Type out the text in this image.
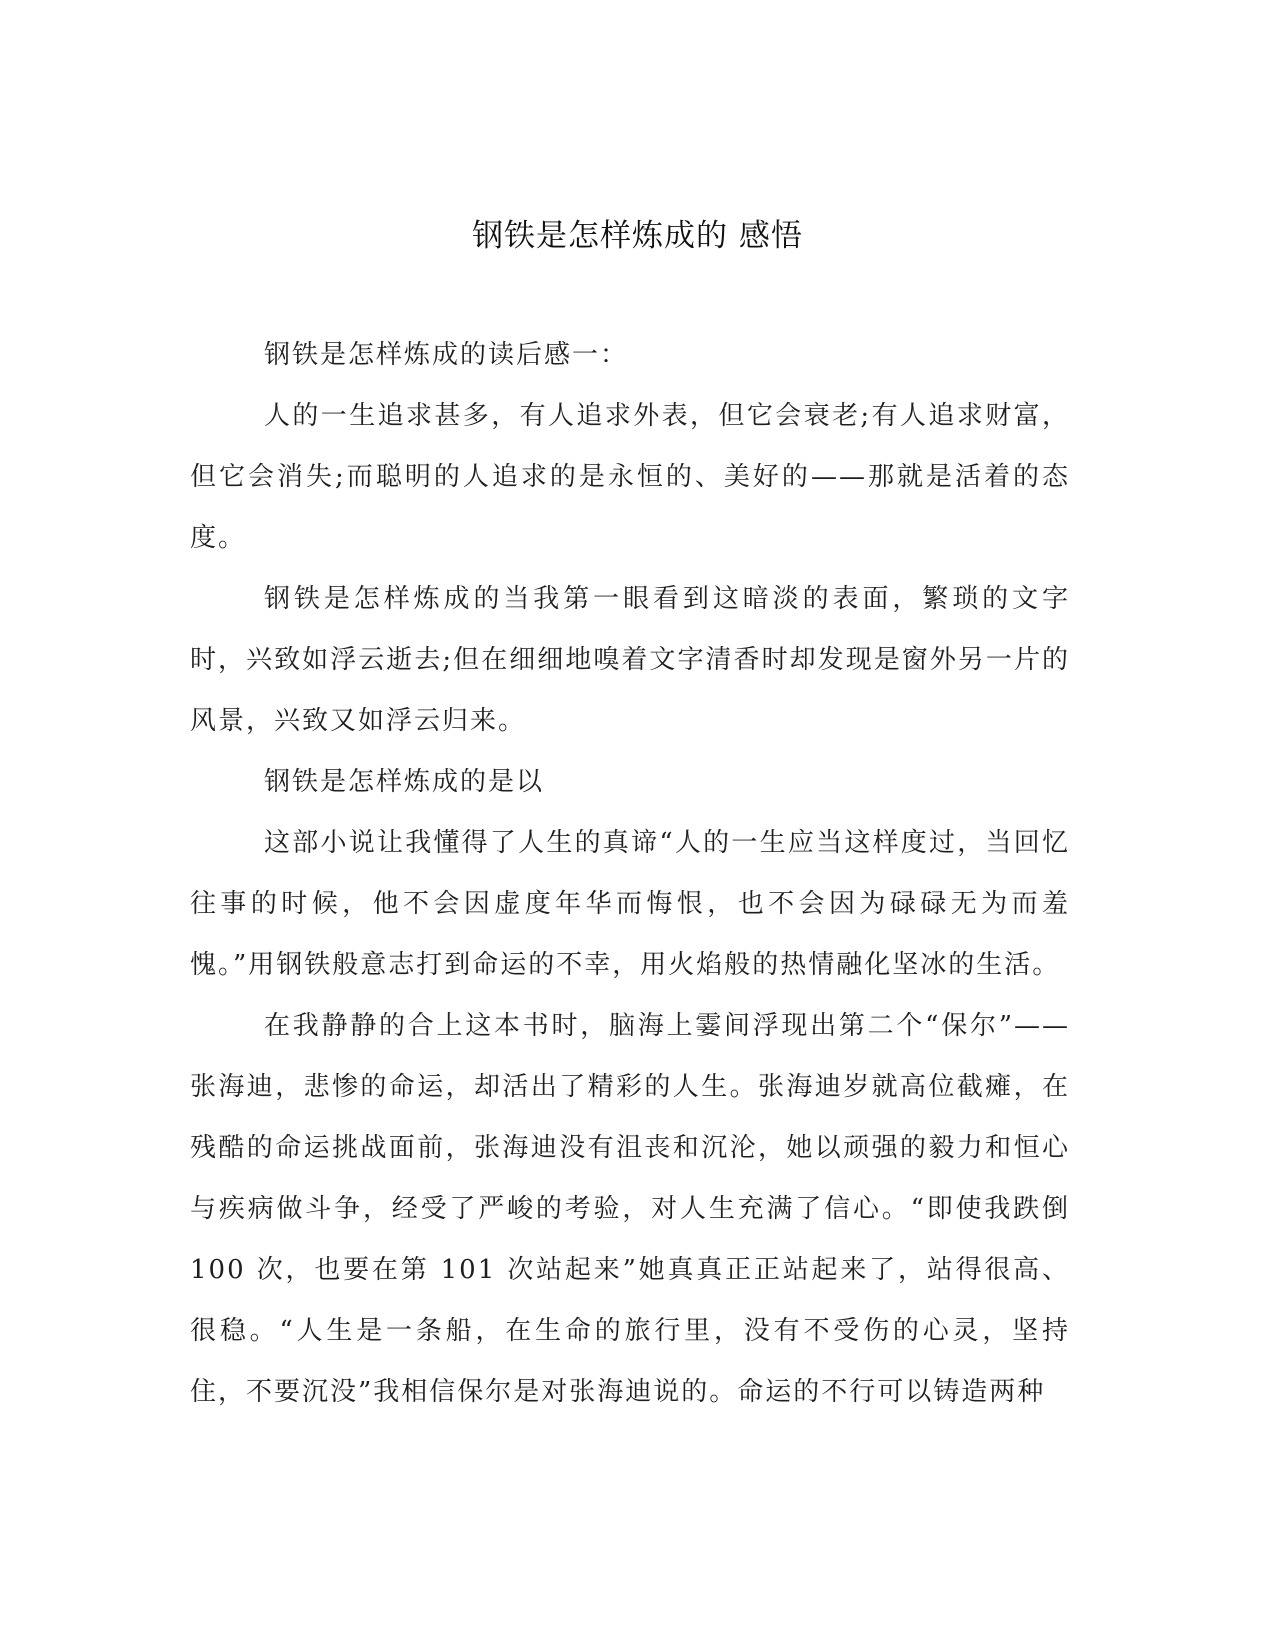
钢铁是怎样炼成的 感悟

钢铁是怎样炼成的读后感一：

人的一生追求甚多，有人追求外表，但它会衰老;有人追求财富，但它会消失;而聪明的人追求的是永恒的、美好的——那就是活着的态度。

钢铁是怎样炼成的当我第一眼看到这暗淡的表面，繁琐的文字时，兴致如浮云逝去;但在细细地嗅着文字清香时却发现是窗外另一片的风景，兴致又如浮云归来。

钢铁是怎样炼成的是以

这部小说让我懂得了人生的真谛“人的一生应当这样度过，当回忆往事的时候，他不会因虚度年华而悔恨，也不会因为碌碌无为而羞愧。”用钢铁般意志打到命运的不幸，用火焰般的热情融化坚冰的生活。

在我静静的合上这本书时，脑海上霎间浮现出第二个“保尔”——张海迪，悲惨的命运，却活出了精彩的人生。张海迪岁就高位截瘫，在残酷的命运挑战面前，张海迪没有沮丧和沉沦，她以顽强的毅力和恒心与疾病做斗争，经受了严峻的考验，对人生充满了信心。“即使我跌倒 100 次，也要在第 101 次站起来”她真真正正站起来了，站得很高、很稳。“人生是一条船，在生命的旅行里，没有不受伤的心灵，坚持住，不要沉没”我相信保尔是对张海迪说的。命运的不行可以铸造两种
